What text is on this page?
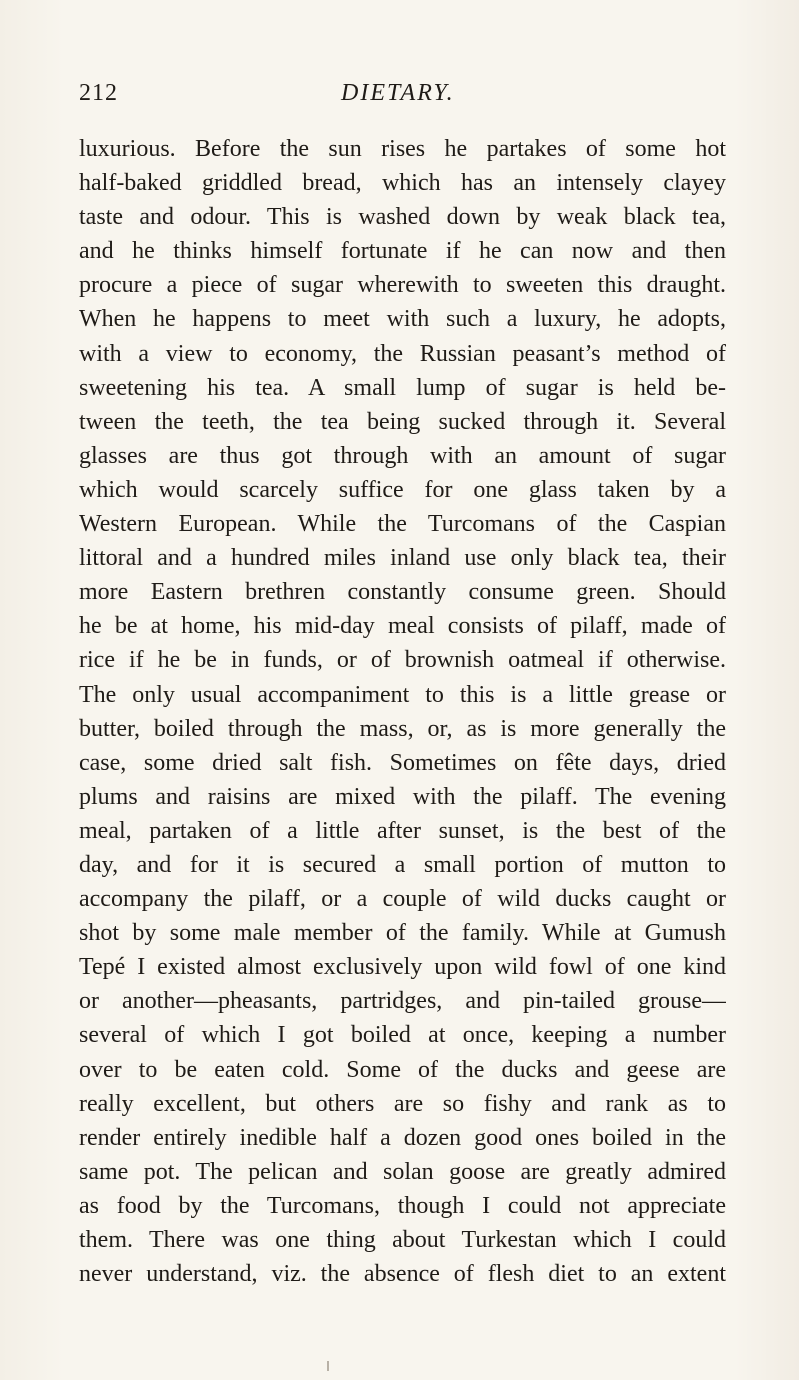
212	DIETARY.
luxurious. Before the sun rises he partakes of some hot
half-baked griddled bread, which has an intensely clayey
taste and odour. This is washed down by weak black tea,
and he thinks himself fortunate if he can now and then
procure a piece of sugar wherewith to sweeten this draught.
When he happens to meet with such a luxury, he adopts,
with a view to economy, the Russian peasant’s method of
sweetening his tea. A small lump of sugar is held be-
tween the teeth, the tea being sucked through it. Several
glasses are thus got through with an amount of sugar
which would scarcely suffice for one glass taken by a
Western European. While the Turcomans of the Caspian
littoral and a hundred miles inland use only black tea, their
more Eastern brethren constantly consume green. Should
he be at home, his mid-day meal consists of pilaff, made of
rice if he be in funds, or of brownish oatmeal if otherwise.
The only usual accompaniment to this is a little grease or
butter, boiled through the mass, or, as is more generally the
case, some dried salt fish. Sometimes on fête days, dried
plums and raisins are mixed with the pilaff. The evening
meal, partaken of a little after sunset, is the best of the
day, and for it is secured a small portion of mutton to
accompany the pilaff, or a couple of wild ducks caught or
shot by some male member of the family. While at Gumush
Tepé I existed almost exclusively upon wild fowl of one kind
or another—pheasants, partridges, and pin-tailed grouse—
several of which I got boiled at once, keeping a number
over to be eaten cold. Some of the ducks and geese are
really excellent, but others are so fishy and rank as to
render entirely inedible half a dozen good ones boiled in the
same pot. The pelican and solan goose are greatly admired
as food by the Turcomans, though I could not appreciate
them. There was one thing about Turkestan which I could
never understand, viz. the absence of flesh diet to an extent
